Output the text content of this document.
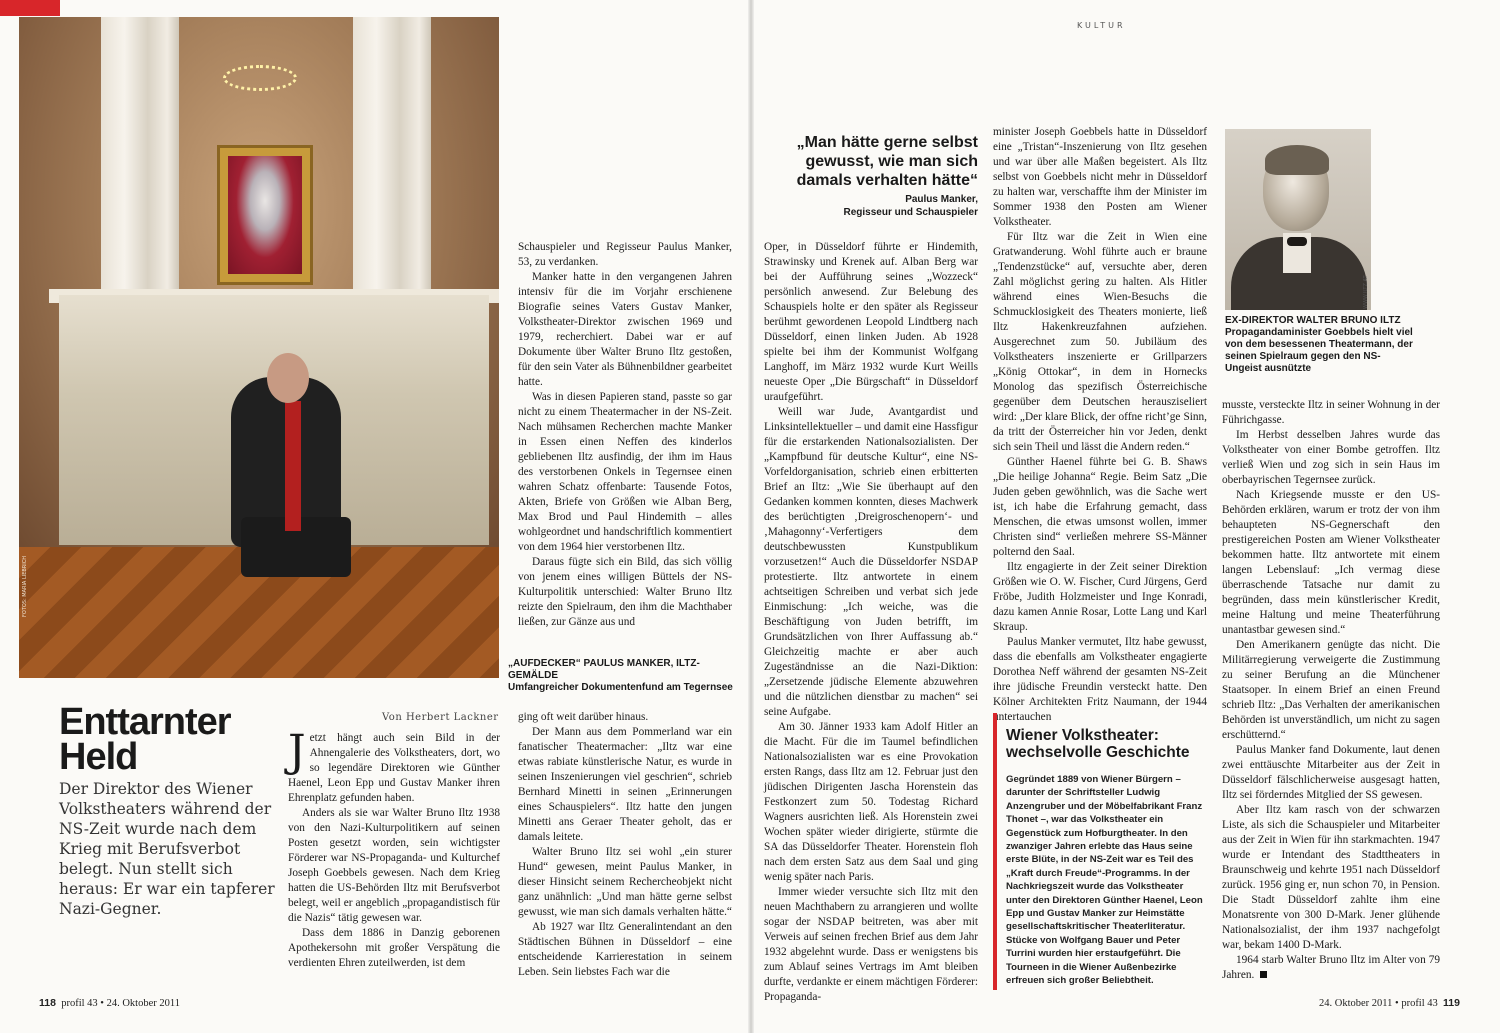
KULTUR
FOTOS: MARIA LIEBRICH
„AUFDECKER“ PAULUS MANKER, ILTZ-GEMÄLDE
Umfangreicher Dokumentenfund am Tegernsee
Enttarnter Held
Der Direktor des Wiener Volkstheaters während der NS-Zeit wurde nach dem Krieg mit Berufsverbot belegt. Nun stellt sich heraus: Er war ein tapferer Nazi-Gegner.
Von Herbert Lackner

Jetzt hängt auch sein Bild in der Ahnengalerie des Volkstheaters, dort, wo so legendäre Direktoren wie Günther Haenel, Leon Epp und Gustav Manker ihren Ehrenplatz gefunden haben.

Anders als sie war Walter Bruno Iltz 1938 von den Nazi-Kulturpolitikern auf seinen Posten gesetzt worden, sein wichtigster Förderer war NS-Propaganda- und Kulturchef Joseph Goebbels gewesen. Nach dem Krieg hatten die US-Behörden Iltz mit Berufsverbot belegt, weil er angeblich „propagandistisch für die Nazis“ tätig gewesen war.

Dass dem 1886 in Danzig geborenen Apothekersohn mit großer Verspätung die verdienten Ehren zuteilwerden, ist dem

Schauspieler und Regisseur Paulus Manker, 53, zu verdanken.

Manker hatte in den vergangenen Jahren intensiv für die im Vorjahr erschienene Biografie seines Vaters Gustav Manker, Volkstheater-Direktor zwischen 1969 und 1979, recherchiert. Dabei war er auf Dokumente über Walter Bruno Iltz gestoßen, für den sein Vater als Bühnenbildner gearbeitet hatte.

Was in diesen Papieren stand, passte so gar nicht zu einem Theatermacher in der NS-Zeit. Nach mühsamen Recherchen machte Manker in Essen einen Neffen des kinderlos gebliebenen Iltz ausfindig, der ihm im Haus des verstorbenen Onkels in Tegernsee einen wahren Schatz offenbarte: Tausende Fotos, Akten, Briefe von Größen wie Alban Berg, Max Brod und Paul Hindemith – alles wohlgeordnet und handschriftlich kommentiert von dem 1964 hier verstorbenen Iltz.

Daraus fügte sich ein Bild, das sich völlig von jenem eines willigen Büttels der NS-Kulturpolitik unterschied: Walter Bruno Iltz reizte den Spielraum, den ihm die Machthaber ließen, zur Gänze aus und

ging oft weit darüber hinaus.

Der Mann aus dem Pommerland war ein fanatischer Theatermacher: „Iltz war eine etwas rabiate künstlerische Natur, es wurde in seinen Inszenierungen viel geschrien“, schrieb Bernhard Minetti in seinen „Erinnerungen eines Schauspielers“. Iltz hatte den jungen Minetti ans Geraer Theater geholt, das er damals leitete.

Walter Bruno Iltz sei wohl „ein sturer Hund“ gewesen, meint Paulus Manker, in dieser Hinsicht seinem Rechercheobjekt nicht ganz unähnlich: „Und man hätte gerne selbst gewusst, wie man sich damals verhalten hätte.“

Ab 1927 war Iltz Generalintendant an den Städtischen Bühnen in Düsseldorf – eine entscheidende Karrierestation in seinem Leben. Sein liebstes Fach war die

„Man hätte gerne selbst gewusst, wie man sich damals verhalten hätte“
Paulus Manker,
Regisseur und Schauspieler

Oper, in Düsseldorf führte er Hindemith, Strawinsky und Krenek auf. Alban Berg war bei der Aufführung seines „Wozzeck“ persönlich anwesend. Zur Belebung des Schauspiels holte er den später als Regisseur berühmt gewordenen Leopold Lindtberg nach Düsseldorf, einen linken Juden. Ab 1928 spielte bei ihm der Kommunist Wolfgang Langhoff, im März 1932 wurde Kurt Weills neueste Oper „Die Bürgschaft“ in Düsseldorf uraufgeführt.

Weill war Jude, Avantgardist und Linksintellektueller – und damit eine Hassfigur für die erstarkenden Nationalsozialisten. Der „Kampfbund für deutsche Kultur“, eine NS-Vorfeldorganisation, schrieb einen erbitterten Brief an Iltz: „Wie Sie überhaupt auf den Gedanken kommen konnten, dieses Machwerk des berüchtigten ‚Dreigroschenopern‘- und ‚Mahagonny‘-Verfertigers dem deutschbewussten Kunstpublikum vorzusetzen!“ Auch die Düsseldorfer NSDAP protestierte. Iltz antwortete in einem achtseitigen Schreiben und verbat sich jede Einmischung: „Ich weiche, was die Beschäftigung von Juden betrifft, im Grundsätzlichen von Ihrer Auffassung ab.“ Gleichzeitig machte er aber auch Zugeständnisse an die Nazi-Diktion: „Zersetzende jüdische Elemente abzuwehren und die nützlichen dienstbar zu machen“ sei seine Aufgabe.

Am 30. Jänner 1933 kam Adolf Hitler an die Macht. Für die im Taumel befindlichen Nationalsozialisten war es eine Provokation ersten Rangs, dass Iltz am 12. Februar just den jüdischen Dirigenten Jascha Horenstein das Festkonzert zum 50. Todestag Richard Wagners ausrichten ließ. Als Horenstein zwei Wochen später wieder dirigierte, stürmte die SA das Düsseldorfer Theater. Horenstein floh nach dem ersten Satz aus dem Saal und ging wenig später nach Paris.

Immer wieder versuchte sich Iltz mit den neuen Machthabern zu arrangieren und wollte sogar der NSDAP beitreten, was aber mit Verweis auf seinen frechen Brief aus dem Jahr 1932 abgelehnt wurde. Dass er wenigstens bis zum Ablauf seines Vertrags im Amt bleiben durfte, verdankte er einem mächtigen Förderer: Propaganda-

minister Joseph Goebbels hatte in Düsseldorf eine „Tristan“-Inszenierung von Iltz gesehen und war über alle Maßen begeistert. Als Iltz selbst von Goebbels nicht mehr in Düsseldorf zu halten war, verschaffte ihm der Minister im Sommer 1938 den Posten am Wiener Volkstheater.

Für Iltz war die Zeit in Wien eine Gratwanderung. Wohl führte auch er braune „Tendenzstücke“ auf, versuchte aber, deren Zahl möglichst gering zu halten. Als Hitler während eines Wien-Besuchs die Schmucklosigkeit des Theaters monierte, ließ Iltz Hakenkreuzfahnen aufziehen. Ausgerechnet zum 50. Jubiläum des Volkstheaters inszenierte er Grillparzers „König Ottokar“, in dem in Hornecks Monolog das spezifisch Österreichische gegenüber dem Deutschen herausziseliert wird: „Der klare Blick, der offne richt’ge Sinn, da tritt der Österreicher hin vor Jeden, denkt sich sein Theil und lässt die Andern reden.“

Günther Haenel führte bei G. B. Shaws „Die heilige Johanna“ Regie. Beim Satz „Die Juden geben gewöhnlich, was die Sache wert ist, ich habe die Erfahrung gemacht, dass Menschen, die etwas umsonst wollen, immer Christen sind“ verließen mehrere SS-Männer polternd den Saal.

Iltz engagierte in der Zeit seiner Direktion Größen wie O. W. Fischer, Curd Jürgens, Gerd Fröbe, Judith Holzmeister und Inge Konradi, dazu kamen Annie Rosar, Lotte Lang und Karl Skraup.

Paulus Manker vermutet, Iltz habe gewusst, dass die ebenfalls am Volkstheater engagierte Dorothea Neff während der gesamten NS-Zeit ihre jüdische Freundin versteckt hatte. Den Kölner Architekten Fritz Naumann, der 1944 untertauchen

WWW.ILTZ.AT
EX-DIREKTOR WALTER BRUNO ILTZ
Propagandaminister Goebbels hielt viel von dem besessenen Theatermann, der seinen Spielraum gegen den NS-Ungeist ausnützte

musste, versteckte Iltz in seiner Wohnung in der Führichgasse.

Im Herbst desselben Jahres wurde das Volkstheater von einer Bombe getroffen. Iltz verließ Wien und zog sich in sein Haus im oberbayrischen Tegernsee zurück.

Nach Kriegsende musste er den US-Behörden erklären, warum er trotz der von ihm behaupteten NS-Gegnerschaft den prestigereichen Posten am Wiener Volkstheater bekommen hatte. Iltz antwortete mit einem langen Lebenslauf: „Ich vermag diese überraschende Tatsache nur damit zu begründen, dass mein künstlerischer Kredit, meine Haltung und meine Theaterführung unantastbar gewesen sind.“

Den Amerikanern genügte das nicht. Die Militärregierung verweigerte die Zustimmung zu seiner Berufung an die Münchener Staatsoper. In einem Brief an einen Freund schrieb Iltz: „Das Verhalten der amerikanischen Behörden ist unverständlich, um nicht zu sagen erschütternd.“

Paulus Manker fand Dokumente, laut denen zwei enttäuschte Mitarbeiter aus der Zeit in Düsseldorf fälschlicherweise ausgesagt hatten, Iltz sei förderndes Mitglied der SS gewesen.

Aber Iltz kam rasch von der schwarzen Liste, als sich die Schauspieler und Mitarbeiter aus der Zeit in Wien für ihn starkmachten. 1947 wurde er Intendant des Stadttheaters in Braunschweig und kehrte 1951 nach Düsseldorf zurück. 1956 ging er, nun schon 70, in Pension. Die Stadt Düsseldorf zahlte ihm eine Monatsrente von 300 D-Mark. Jener glühende Nationalsozialist, der ihm 1937 nachgefolgt war, bekam 1400 D-Mark.

1964 starb Walter Bruno Iltz im Alter von 79 Jahren.

Wiener Volkstheater: wechselvolle Geschichte
Gegründet 1889 von Wiener Bürgern – darunter der Schriftsteller Ludwig Anzengruber und der Möbelfabrikant Franz Thonet –, war das Volkstheater ein Gegenstück zum Hofburgtheater. In den zwanziger Jahren erlebte das Haus seine erste Blüte, in der NS-Zeit war es Teil des „Kraft durch Freude“-Programms. In der Nachkriegszeit wurde das Volkstheater unter den Direktoren Günther Haenel, Leon Epp und Gustav Manker zur Heimstätte gesellschaftskritischer Theaterliteratur. Stücke von Wolfgang Bauer und Peter Turrini wurden hier erstaufgeführt. Die Tourneen in die Wiener Außenbezirke erfreuen sich großer Beliebtheit.
118 profil 43 • 24. Oktober 2011	24. Oktober 2011 • profil 43 119
